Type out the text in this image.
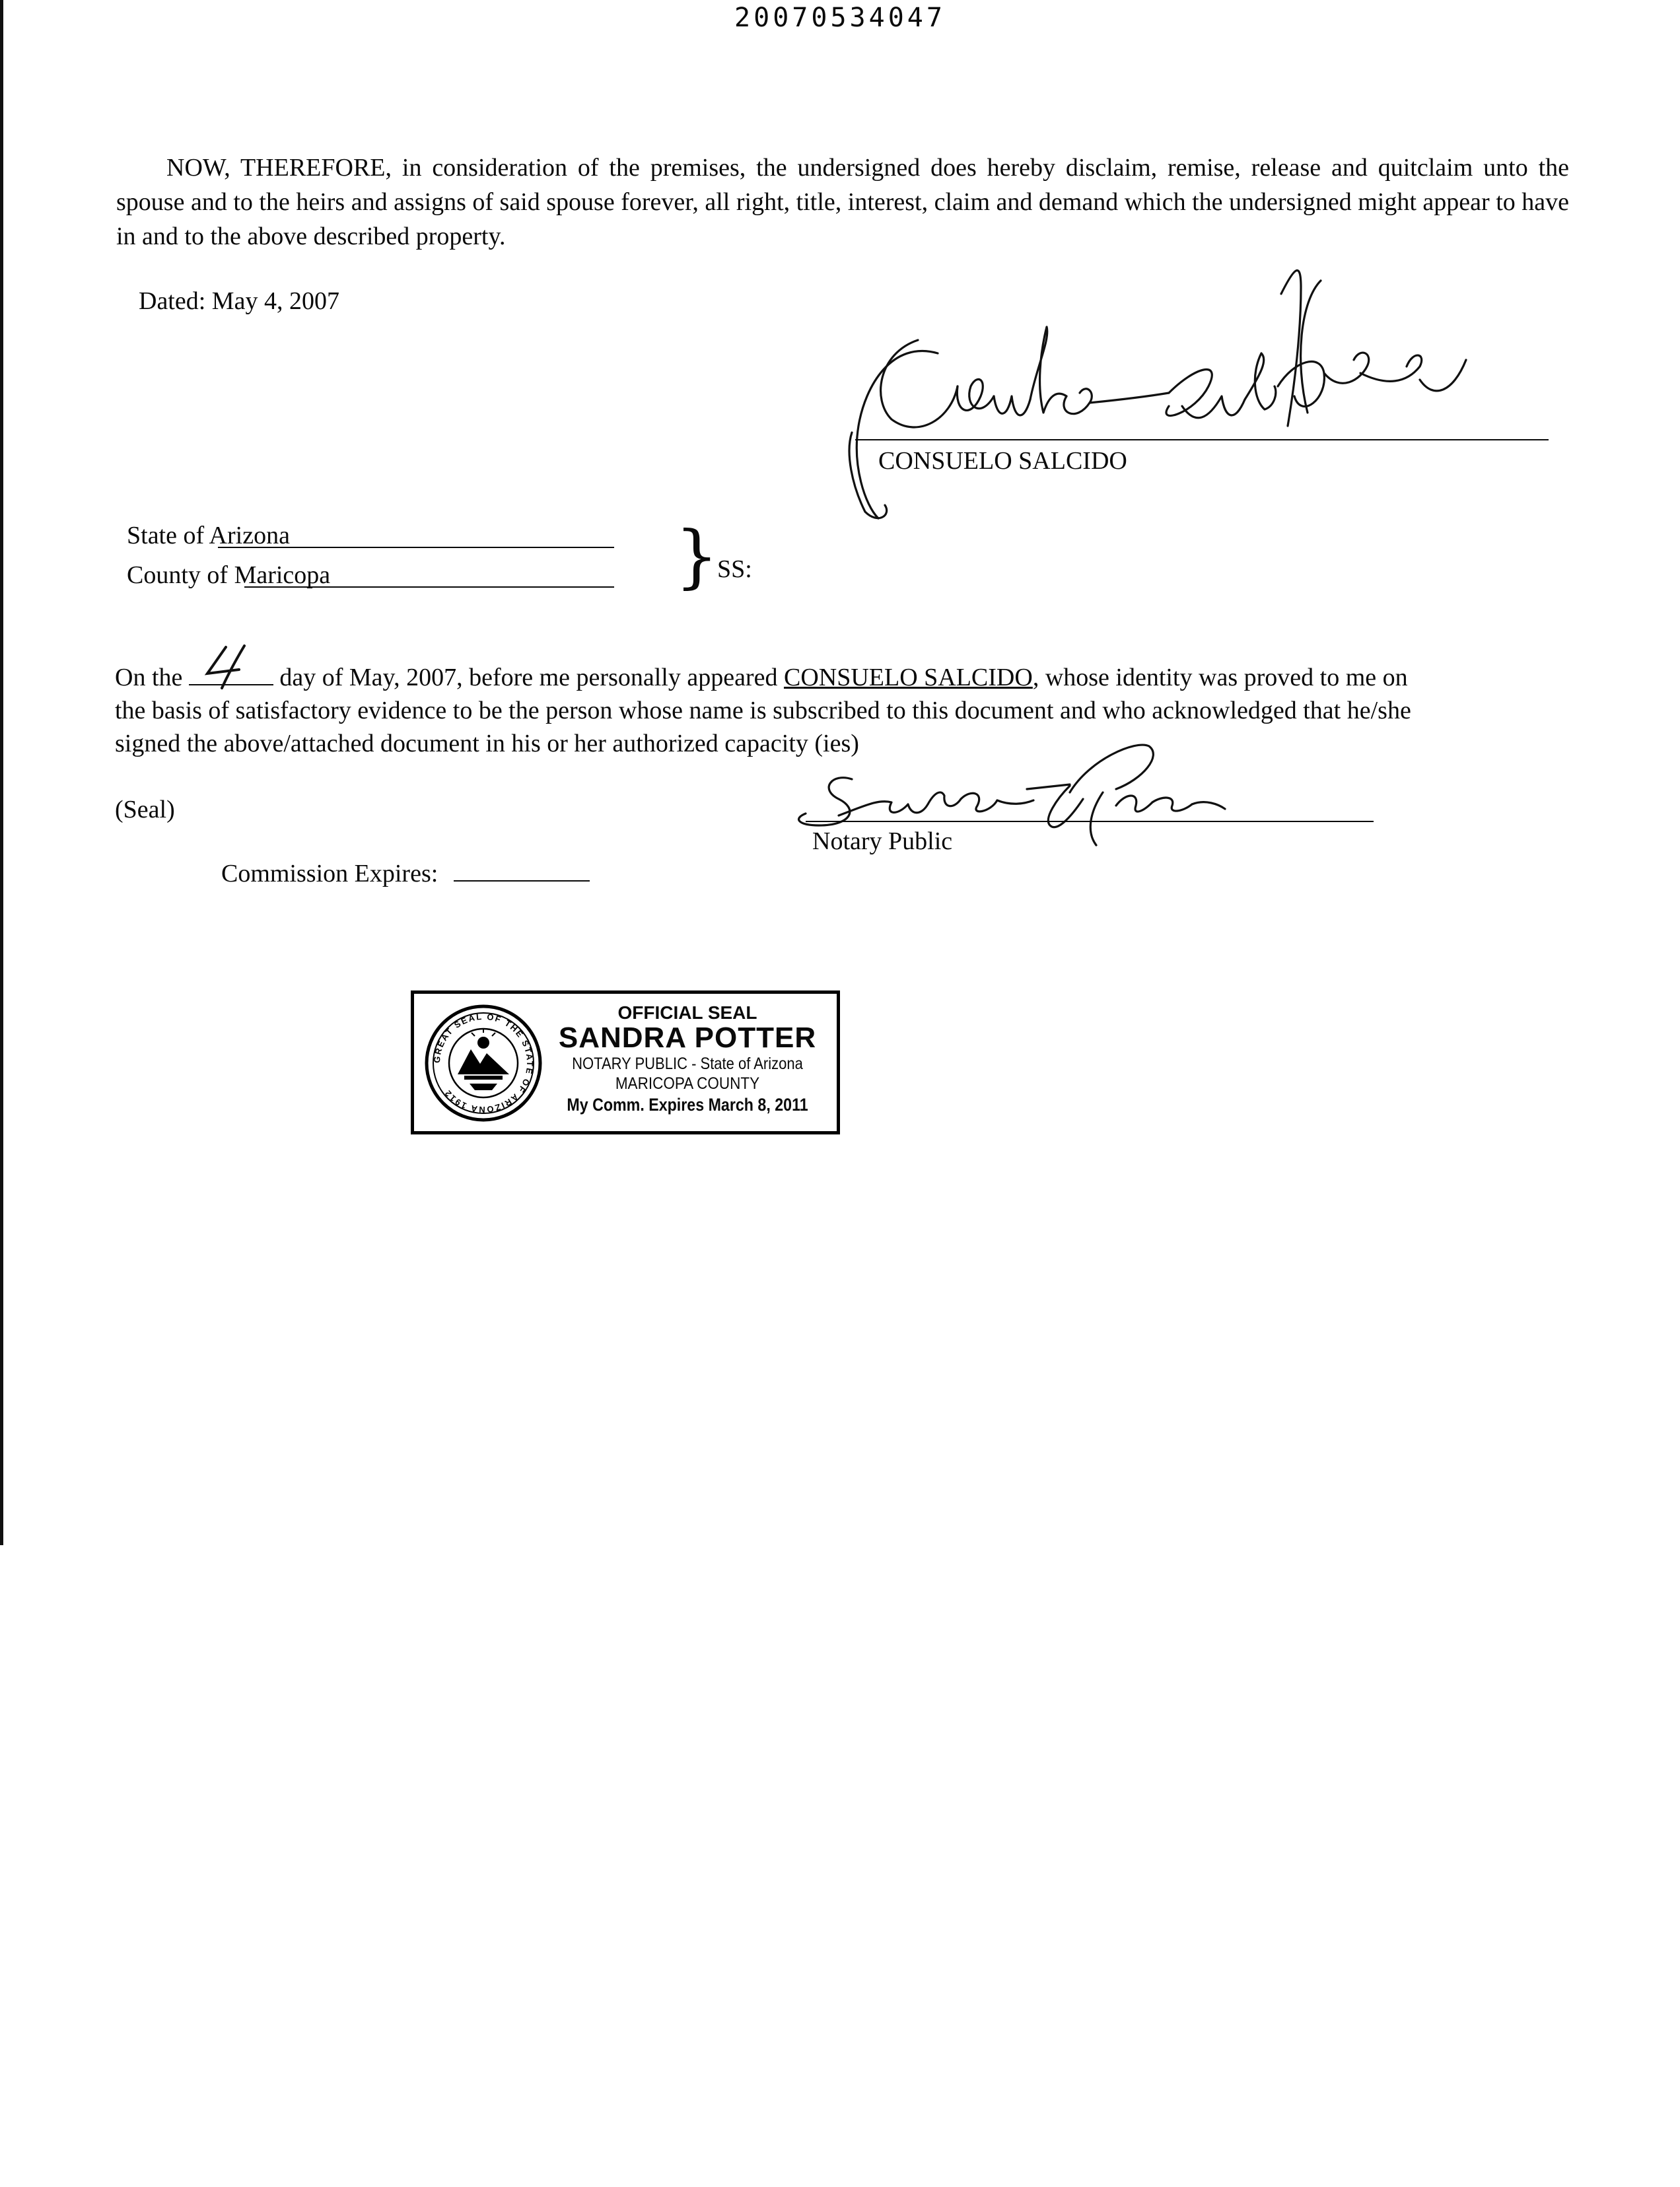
20070534047

NOW, THEREFORE, in consideration of the premises, the undersigned does hereby disclaim, remise, release and quitclaim unto the spouse and to the heirs and assigns of said spouse forever, all right, title, interest, claim and demand which the undersigned might appear to have in and to the above described property.

Dated: May 4, 2007
CONSUELO SALCIDO
State of Arizona
County of Maricopa	}
SS:
On the	day of May, 2007, before me personally appeared CONSUELO SALCIDO, whose identity was proved to me on
the basis of satisfactory evidence to be the person whose name is subscribed to this document and who acknowledged that he/she
signed the above/attached document in his or her authorized capacity (ies)
(Seal)
Notary Public
Commission Expires:
GREAT SEAL OF THE STATE OF ARIZONA 1912
OFFICIAL SEAL
SANDRA POTTER
NOTARY PUBLIC - State of Arizona
MARICOPA COUNTY
My Comm. Expires March 8, 2011
